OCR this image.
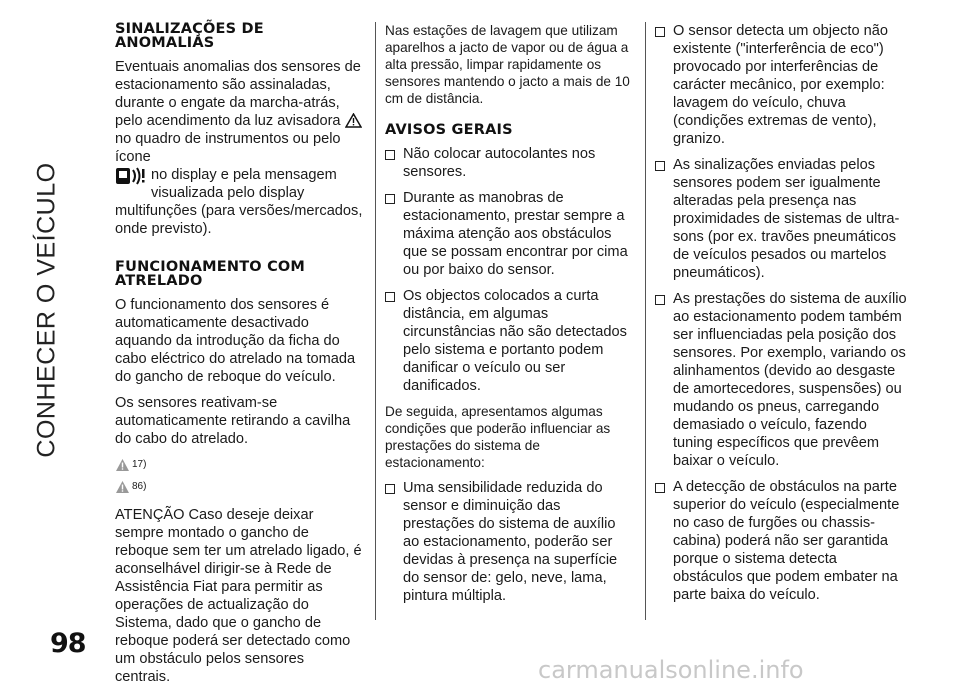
CONHECER O VEÍCULO
98
SINALIZAÇÕES DE ANOMALIAS

Eventuais anomalias dos sensores de estacionamento são assinaladas, durante o engate da marcha-atrás, pelo acendimento da luz avisadora  no quadro de instrumentos ou pelo ícone

no display e pela mensagem visualizada pelo display multifunções (para versões/mercados, onde previsto).

FUNCIONAMENTO COM ATRELADO

O funcionamento dos sensores é automaticamente desactivado aquando da introdução da ficha do cabo eléctrico do atrelado na tomada do gancho de reboque do veículo.

Os sensores reativam-se automaticamente retirando a cavilha do cabo do atrelado.

17)
86)

ATENÇÃO Caso deseje deixar sempre montado o gancho de reboque sem ter um atrelado ligado, é aconselhável dirigir-se à Rede de Assistência Fiat para permitir as operações de actualização do Sistema, dado que o gancho de reboque poderá ser detectado como um obstáculo pelos sensores centrais.

Nas estações de lavagem que utilizam aparelhos a jacto de vapor ou de água a alta pressão, limpar rapidamente os sensores mantendo o jacto a mais de 10 cm de distância.

AVISOS GERAIS
Não colocar autocolantes nos sensores.
Durante as manobras de estacionamento, prestar sempre a máxima atenção aos obstáculos que se possam encontrar por cima ou por baixo do sensor.
Os objectos colocados a curta distância, em algumas circunstâncias não são detectados pelo sistema e portanto podem danificar o veículo ou ser danificados.

De seguida, apresentamos algumas condições que poderão influenciar as prestações do sistema de estacionamento:

Uma sensibilidade reduzida do sensor e diminuição das prestações do sistema de auxílio ao estacionamento, poderão ser devidas à presença na superfície do sensor de: gelo, neve, lama, pintura múltipla.
O sensor detecta um objecto não existente ("interferência de eco") provocado por interferências de carácter mecânico, por exemplo: lavagem do veículo, chuva (condições extremas de vento), granizo.
As sinalizações enviadas pelos sensores podem ser igualmente alteradas pela presença nas proximidades de sistemas de ultra-sons (por ex. travões pneumáticos de veículos pesados ou martelos pneumáticos).
As prestações do sistema de auxílio ao estacionamento podem também ser influenciadas pela posição dos sensores. Por exemplo, variando os alinhamentos (devido ao desgaste de amortecedores, suspensões) ou mudando os pneus, carregando demasiado o veículo, fazendo tuning específicos que prevêem baixar o veículo.
A detecção de obstáculos na parte superior do veículo (especialmente no caso de furgões ou chassis-cabina) poderá não ser garantida porque o sistema detecta obstáculos que podem embater na parte baixa do veículo.
carmanualsonline.info
